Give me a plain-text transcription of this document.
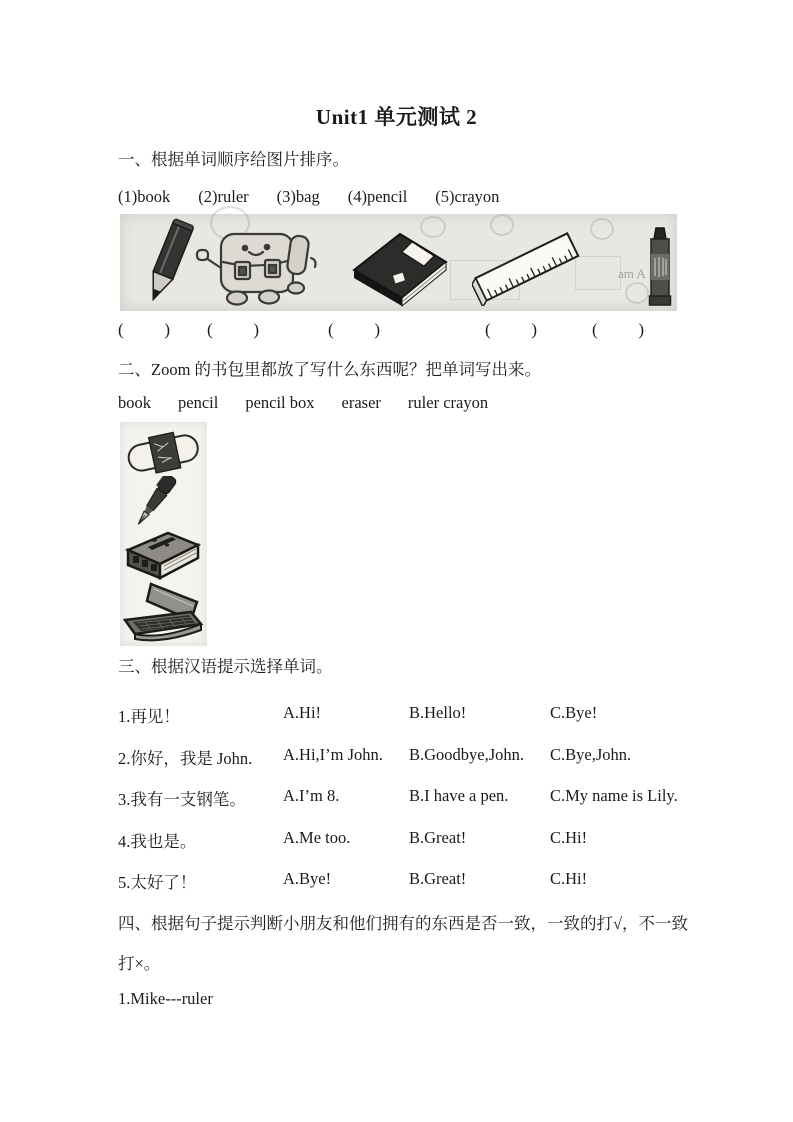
Unit1 单元测试 2
一、根据单词顺序给图片排序。
(1)book (2)ruler (3)bag (4)pencil (5)crayon
am A
( ) ( )	( )	( )	( )
二、Zoom 的书包里都放了写什么东西呢？把单词写出来。
book pencil pencil box eraser ruler crayon
三、根据汉语提示选择单词。
1.再见！	A.Hi!	B.Hello!	C.Bye!
2.你好，我是 John.	A.Hi,I’m John.	B.Goodbye,John.	C.Bye,John.
3.我有一支钢笔。	A.I’m 8.	B.I have a pen.	C.My name is Lily.
4.我也是。	A.Me too.	B.Great!	C.Hi!
5.太好了！	A.Bye!	B.Great!	C.Hi!
四、根据句子提示判断小朋友和他们拥有的东西是否一致，一致的打√，不一致
打×。
1.Mike---ruler
